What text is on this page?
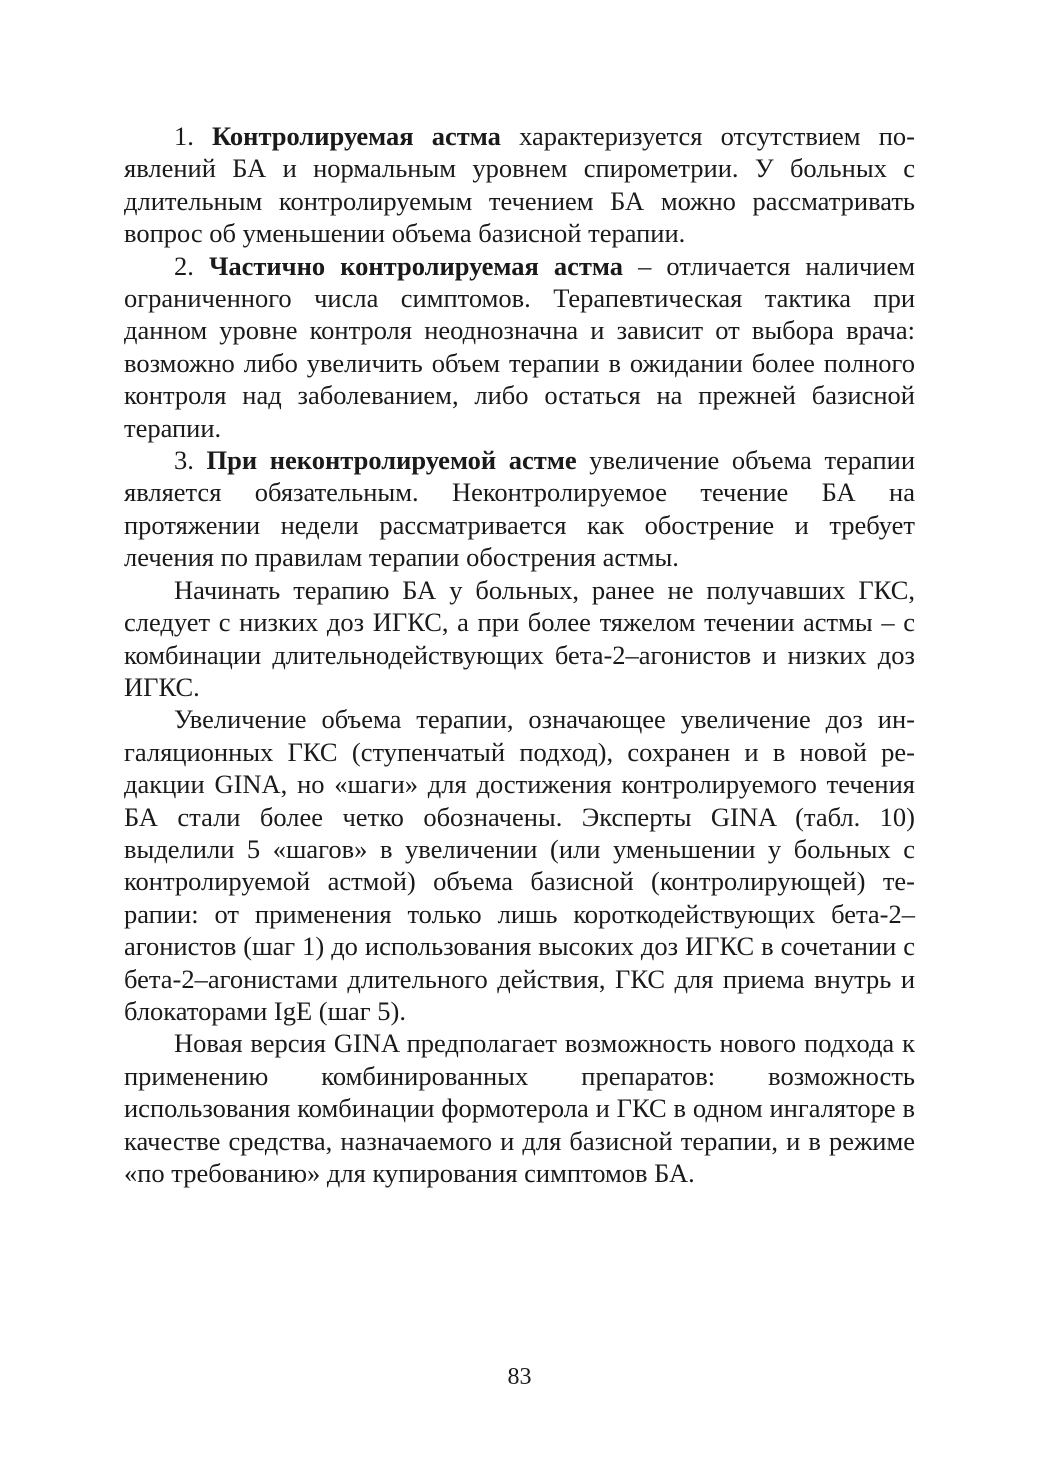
1. Контролируемая астма характеризуется отсутствием появлений БА и нормальным уровнем спирометрии. У больных с длительным контролируемым течением БА можно рассматривать вопрос об уменьшении объема базисной терапии.

2. Частично контролируемая астма – отличается наличием ограниченного числа симптомов. Терапевтическая тактика при данном уровне контроля неоднозначна и зависит от выбора врача: возможно либо увеличить объем терапии в ожидании более полного контроля над заболеванием, либо остаться на прежней базисной терапии.

3. При неконтролируемой астме увеличение объема терапии является обязательным. Неконтролируемое течение БА на протяжении недели рассматривается как обострение и требует лечения по правилам терапии обострения астмы.

Начинать терапию БА у больных, ранее не получавших ГКС, следует с низких доз ИГКС, а при более тяжелом течении астмы – с комбинации длительнодействующих бета-2–агонистов и низких доз ИГКС.

Увеличение объема терапии, означающее увеличение доз ингаляционных ГКС (ступенчатый подход), сохранен и в новой редакции GINA, но «шаги» для достижения контролируемого течения БА стали более четко обозначены. Эксперты GINA (табл. 10) выделили 5 «шагов» в увеличении (или уменьшении у больных с контролируемой астмой) объема базисной (контролирующей) терапии: от применения только лишь короткодействующих бета-2–агонистов (шаг 1) до использования высоких доз ИГКС в сочетании с бета-2–агонистами длительного действия, ГКС для приема внутрь и блокаторами IgE (шаг 5).

Новая версия GINA предполагает возможность нового подхода к применению комбинированных препаратов: возможность использования комбинации формотерола и ГКС в одном ингаляторе в качестве средства, назначаемого и для базисной терапии, и в режиме «по требованию» для купирования симптомов БА.

83
